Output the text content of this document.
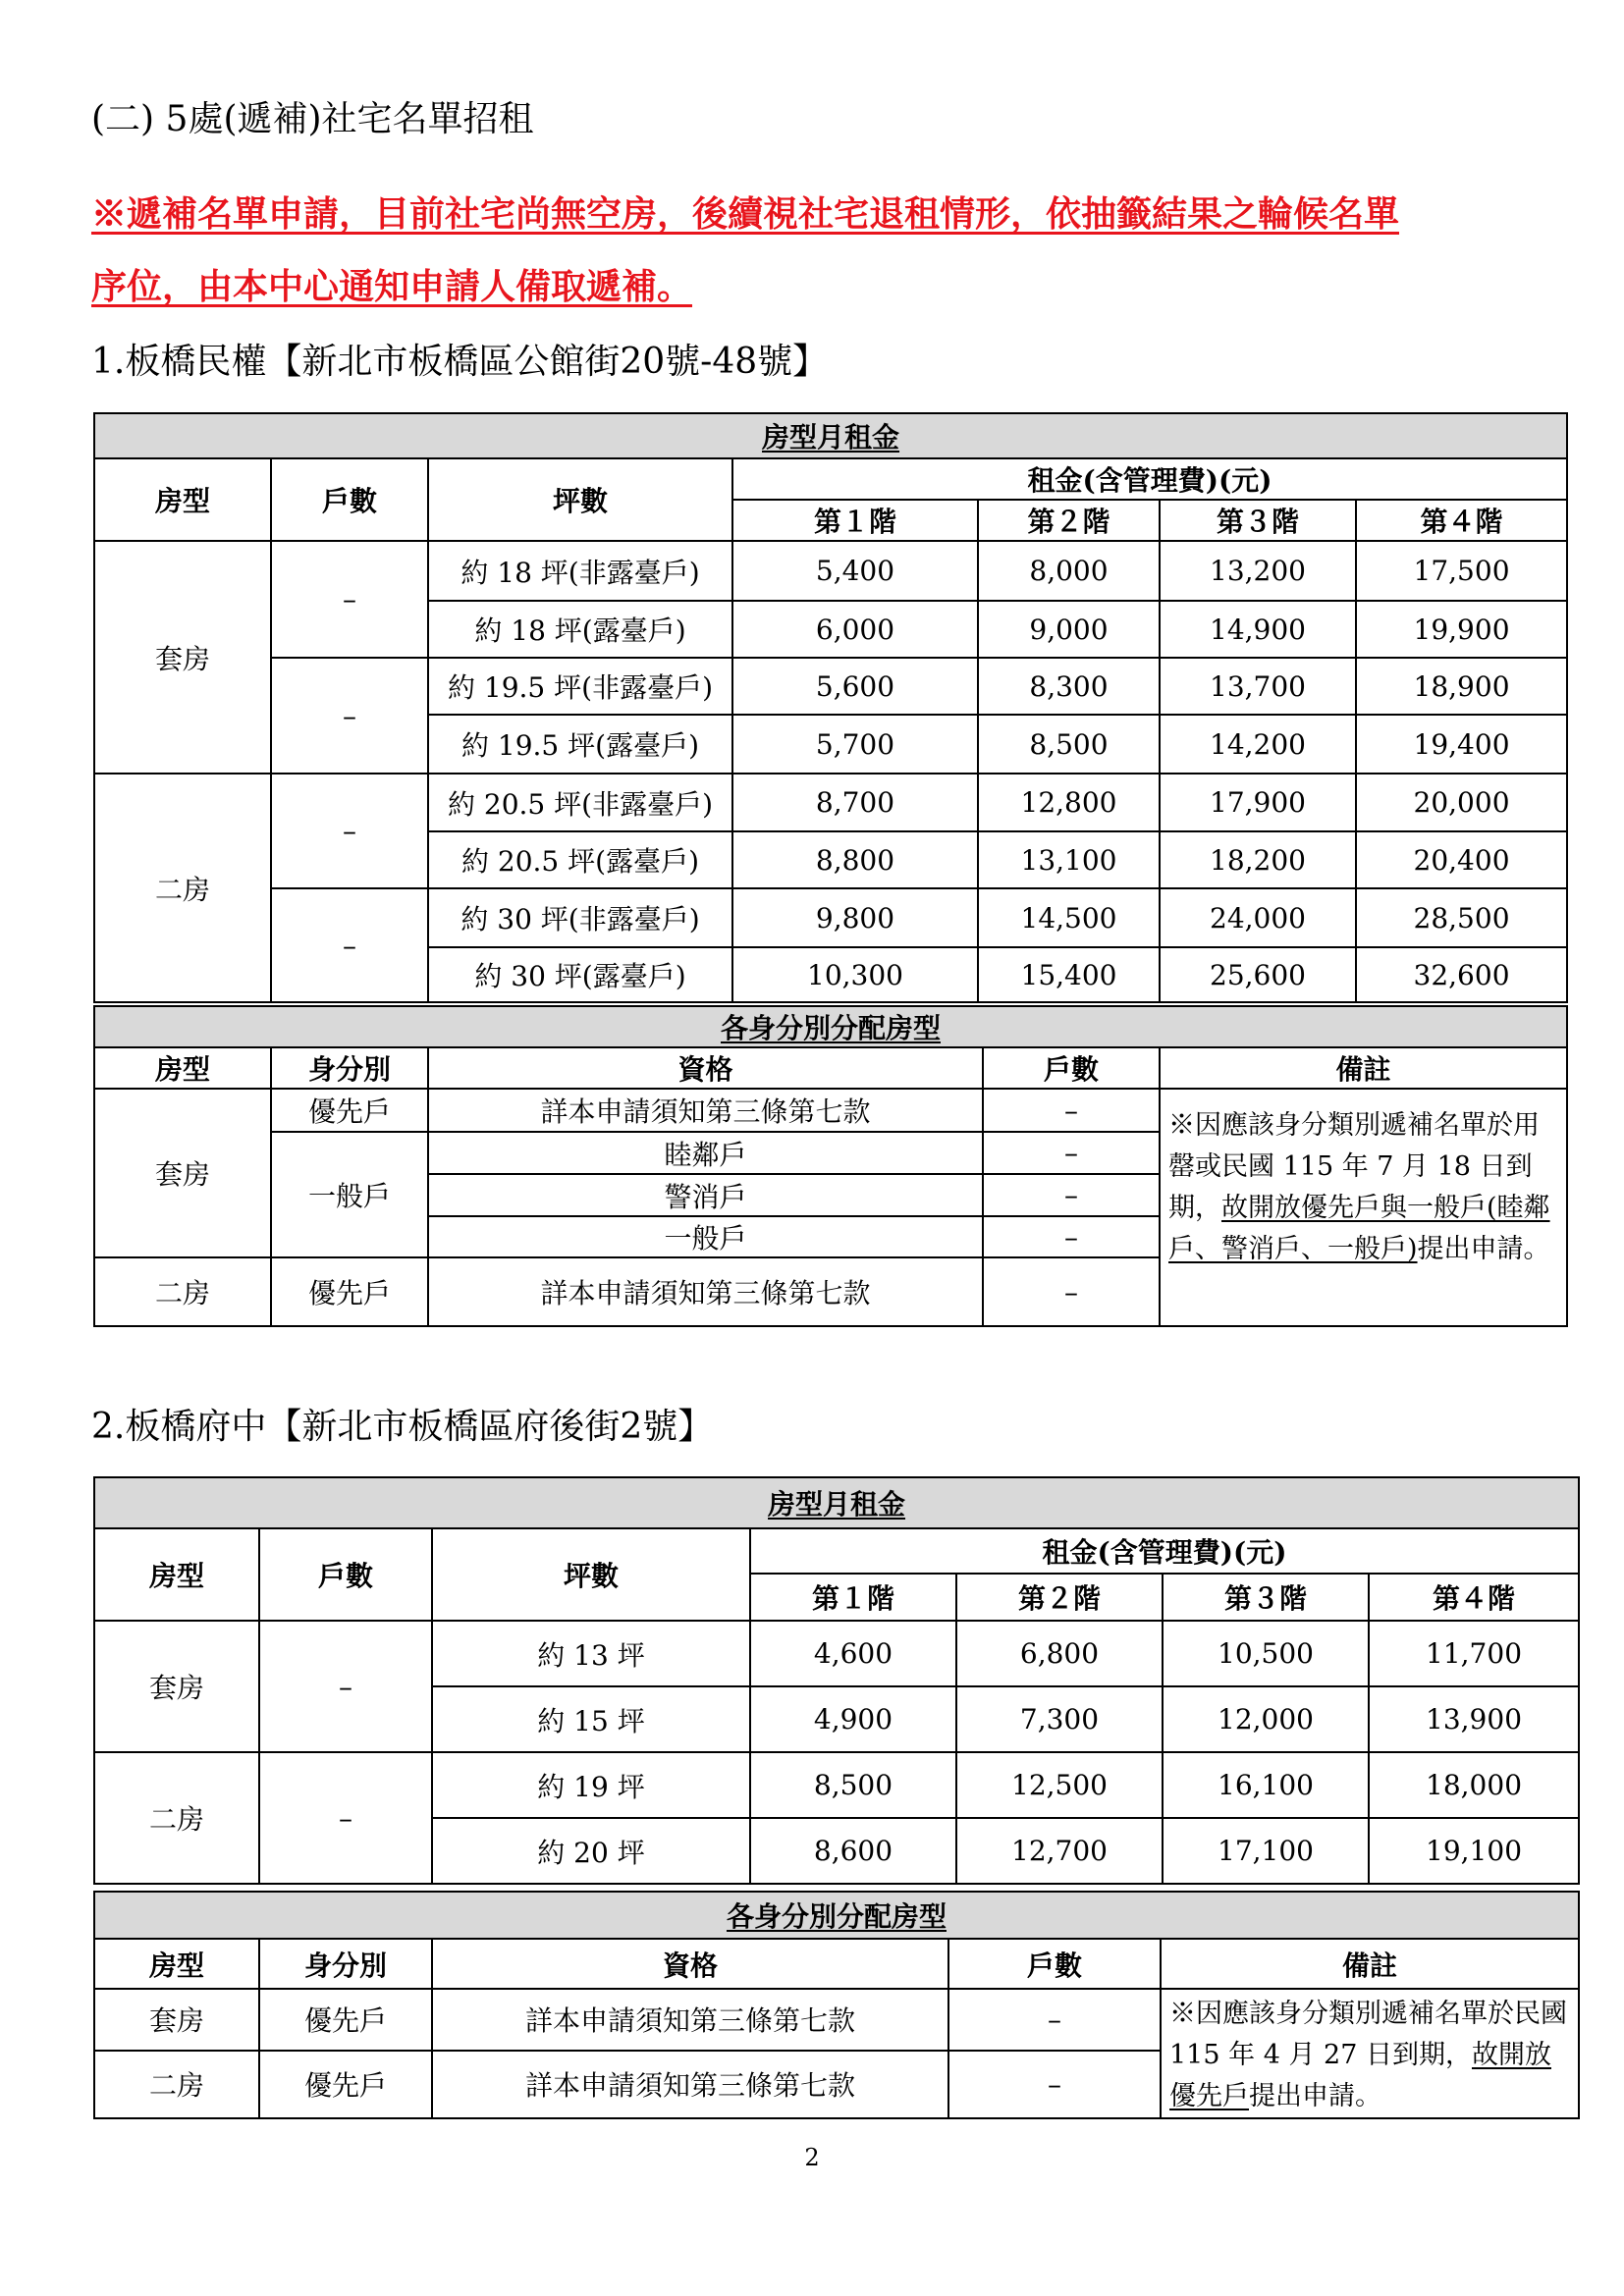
(二) 5處(遞補)社宅名單招租
※遞補名單申請，目前社宅尚無空房，後續視社宅退租情形，依抽籤結果之輪候名單
序位，由本中心通知申請人備取遞補。
1.板橋民權【新北市板橋區公館街20號-48號】
房型月租金						
房型	戶數	坪數	租金(含管理費)(元)			
			第１階	第２階	第３階	第４階
套房	–	約 18 坪(非露臺戶)	5,400	8,000	13,200	17,500
		約 18 坪(露臺戶)	6,000	9,000	14,900	19,900
	–	約 19.5 坪(非露臺戶)	5,600	8,300	13,700	18,900
		約 19.5 坪(露臺戶)	5,700	8,500	14,200	19,400
二房	–	約 20.5 坪(非露臺戶)	8,700	12,800	17,900	20,000
		約 20.5 坪(露臺戶)	8,800	13,100	18,200	20,400
	–	約 30 坪(非露臺戶)	9,800	14,500	24,000	28,500
		約 30 坪(露臺戶)	10,300	15,400	25,600	32,600
各身分別分配房型				
房型	身分別	資格	戶數	備註
套房	優先戶	詳本申請須知第三條第七款	–	※因應該身分類別遞補名單於用罄或民國 115 年 7 月 18 日到期，故開放優先戶與一般戶(睦鄰戶、警消戶、一般戶)提出申請。
	一般戶	睦鄰戶	–	
		警消戶	–	
		一般戶	–	
二房	優先戶	詳本申請須知第三條第七款	–	
2.板橋府中【新北市板橋區府後街2號】
房型月租金						
房型	戶數	坪數	租金(含管理費)(元)			
			第１階	第２階	第３階	第４階
套房	–	約 13 坪	4,600	6,800	10,500	11,700
		約 15 坪	4,900	7,300	12,000	13,900
二房	–	約 19 坪	8,500	12,500	16,100	18,000
		約 20 坪	8,600	12,700	17,100	19,100
各身分別分配房型				
房型	身分別	資格	戶數	備註
套房	優先戶	詳本申請須知第三條第七款	–	※因應該身分類別遞補名單於民國 115 年 4 月 27 日到期，故開放優先戶提出申請。
二房	優先戶	詳本申請須知第三條第七款	–	
2
